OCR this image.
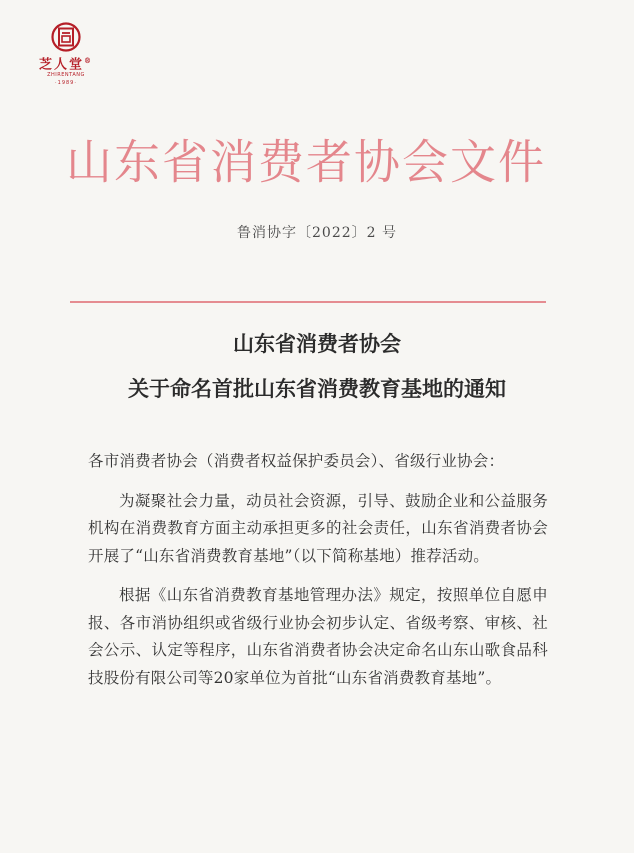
芝人堂®
ZHIRENTANG
·1989·
山东省消费者协会文件
鲁消协字〔2022〕2 号
山东省消费者协会
关于命名首批山东省消费教育基地的通知

各市消费者协会（消费者权益保护委员会）、省级行业协会：

为凝聚社会力量，动员社会资源，引导、鼓励企业和公益服务机构在消费教育方面主动承担更多的社会责任，山东省消费者协会开展了“山东省消费教育基地”（以下简称基地）推荐活动。

根据《山东省消费教育基地管理办法》规定，按照单位自愿申报、各市消协组织或省级行业协会初步认定、省级考察、审核、社会公示、认定等程序，山东省消费者协会决定命名山东山歌食品科技股份有限公司等20家单位为首批“山东省消费教育基地”。
